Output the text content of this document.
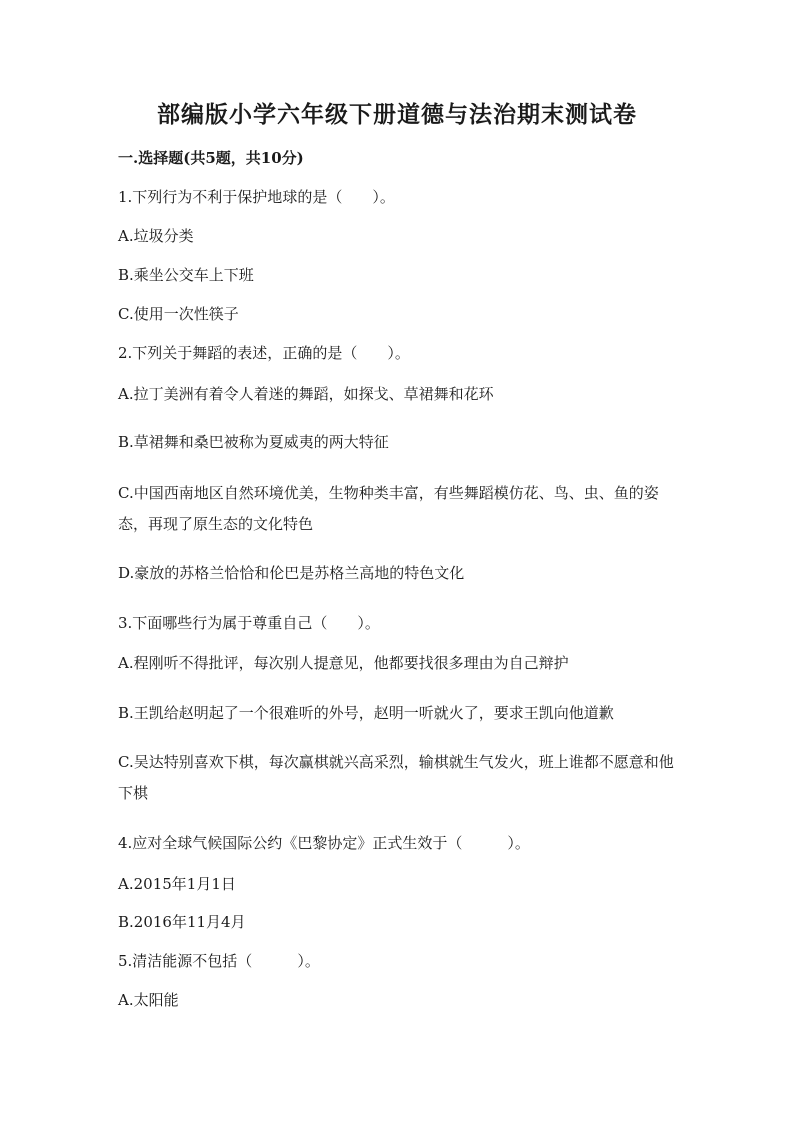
部编版小学六年级下册道德与法治期末测试卷
一.选择题(共5题，共10分)

1.下列行为不利于保护地球的是（　　）。

A.垃圾分类

B.乘坐公交车上下班

C.使用一次性筷子

2.下列关于舞蹈的表述，正确的是（　　）。

A.拉丁美洲有着令人着迷的舞蹈，如探戈、草裙舞和花环

B.草裙舞和桑巴被称为夏威夷的两大特征

C.中国西南地区自然环境优美，生物种类丰富，有些舞蹈模仿花、鸟、虫、鱼的姿 态，再现了原生态的文化特色

D.豪放的苏格兰恰恰和伦巴是苏格兰高地的特色文化

3.下面哪些行为属于尊重自己（　　）。

A.程刚听不得批评，每次别人提意见，他都要找很多理由为自己辩护

B.王凯给赵明起了一个很难听的外号，赵明一听就火了，要求王凯向他道歉

C.吴达特别喜欢下棋，每次赢棋就兴高采烈，输棋就生气发火，班上谁都不愿意和他下棋

4.应对全球气候国际公约《巴黎协定》正式生效于（　　　）。

A.2015年1月1日

B.2016年11月4月

5.清洁能源不包括（　　　）。

A.太阳能
